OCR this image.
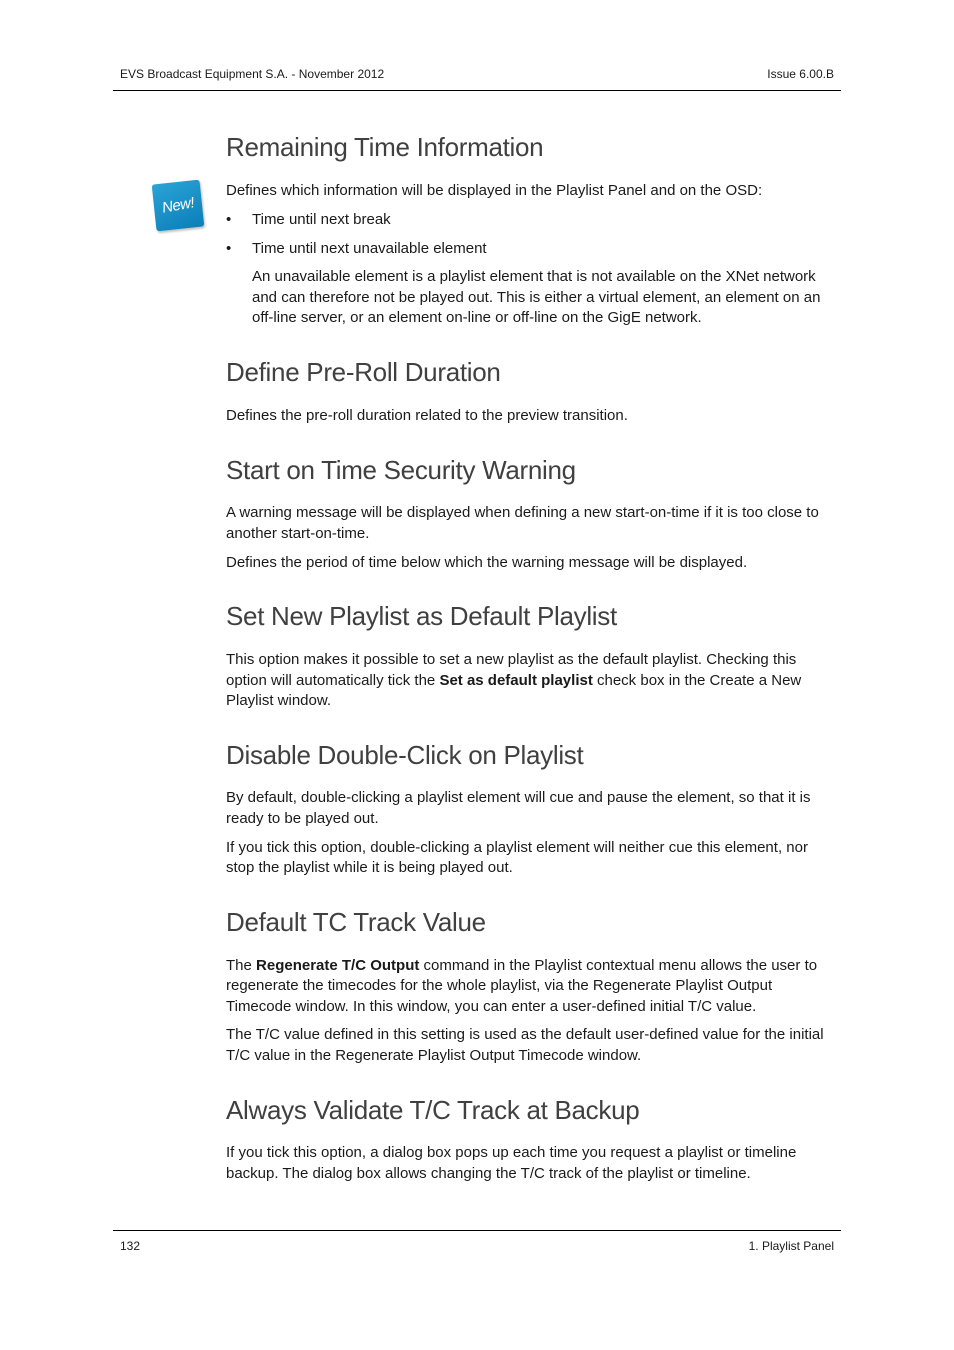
EVS Broadcast Equipment S.A. - November 2012	Issue 6.00.B
New!
Remaining Time Information

Defines which information will be displayed in the Playlist Panel and on the OSD:

• Time until next break
• Time until next unavailable element

An unavailable element is a playlist element that is not available on the XNet network

and can therefore not be played out. This is either a virtual element, an element on an

off-line server, or an element on-line or off-line on the GigE network.

Define Pre-Roll Duration

Defines the pre-roll duration related to the preview transition.

Start on Time Security Warning

A warning message will be displayed when defining a new start-on-time if it is too close to

another start-on-time.

Defines the period of time below which the warning message will be displayed.

Set New Playlist as Default Playlist

This option makes it possible to set a new playlist as the default playlist. Checking this

option will automatically tick the Set as default playlist check box in the Create a New

Playlist window.

Disable Double-Click on Playlist

By default, double-clicking a playlist element will cue and pause the element, so that it is

ready to be played out.

If you tick this option, double-clicking a playlist element will neither cue this element, nor

stop the playlist while it is being played out.

Default TC Track Value

The Regenerate T/C Output command in the Playlist contextual menu allows the user to

regenerate the timecodes for the whole playlist, via the Regenerate Playlist Output

Timecode window. In this window, you can enter a user-defined initial T/C value.

The T/C value defined in this setting is used as the default user-defined value for the initial

T/C value in the Regenerate Playlist Output Timecode window.

Always Validate T/C Track at Backup

If you tick this option, a dialog box pops up each time you request a playlist or timeline

backup. The dialog box allows changing the T/C track of the playlist or timeline.

132	1. Playlist Panel
